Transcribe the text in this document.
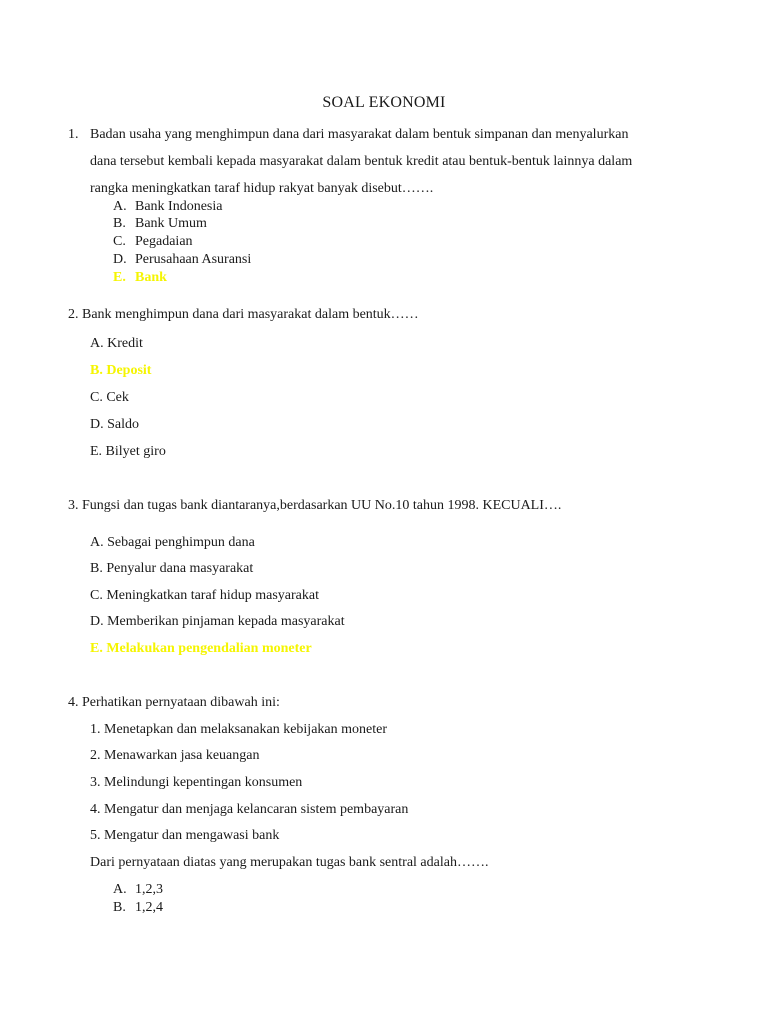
SOAL EKONOMI
1. Badan usaha yang menghimpun dana dari masyarakat dalam bentuk simpanan dan menyalurkan
dana tersebut kembali kepada masyarakat dalam bentuk kredit atau bentuk-bentuk lainnya dalam
rangka meningkatkan taraf hidup rakyat banyak disebut…….
A. Bank Indonesia
B. Bank Umum
C. Pegadaian
D. Perusahaan Asuransi
E. Bank
2. Bank menghimpun dana dari masyarakat dalam bentuk……
A. Kredit
B. Deposit
C. Cek
D. Saldo
E. Bilyet giro
3. Fungsi dan tugas bank diantaranya,berdasarkan UU No.10 tahun 1998. KECUALI….
A. Sebagai penghimpun dana
B. Penyalur dana masyarakat
C. Meningkatkan taraf hidup masyarakat
D. Memberikan pinjaman kepada masyarakat
E. Melakukan pengendalian moneter
4. Perhatikan pernyataan dibawah ini:
1. Menetapkan dan melaksanakan kebijakan moneter
2. Menawarkan jasa keuangan
3. Melindungi kepentingan konsumen
4. Mengatur dan menjaga kelancaran sistem pembayaran
5. Mengatur dan mengawasi bank
Dari pernyataan diatas yang merupakan tugas bank sentral adalah…….
A. 1,2,3
B. 1,2,4
